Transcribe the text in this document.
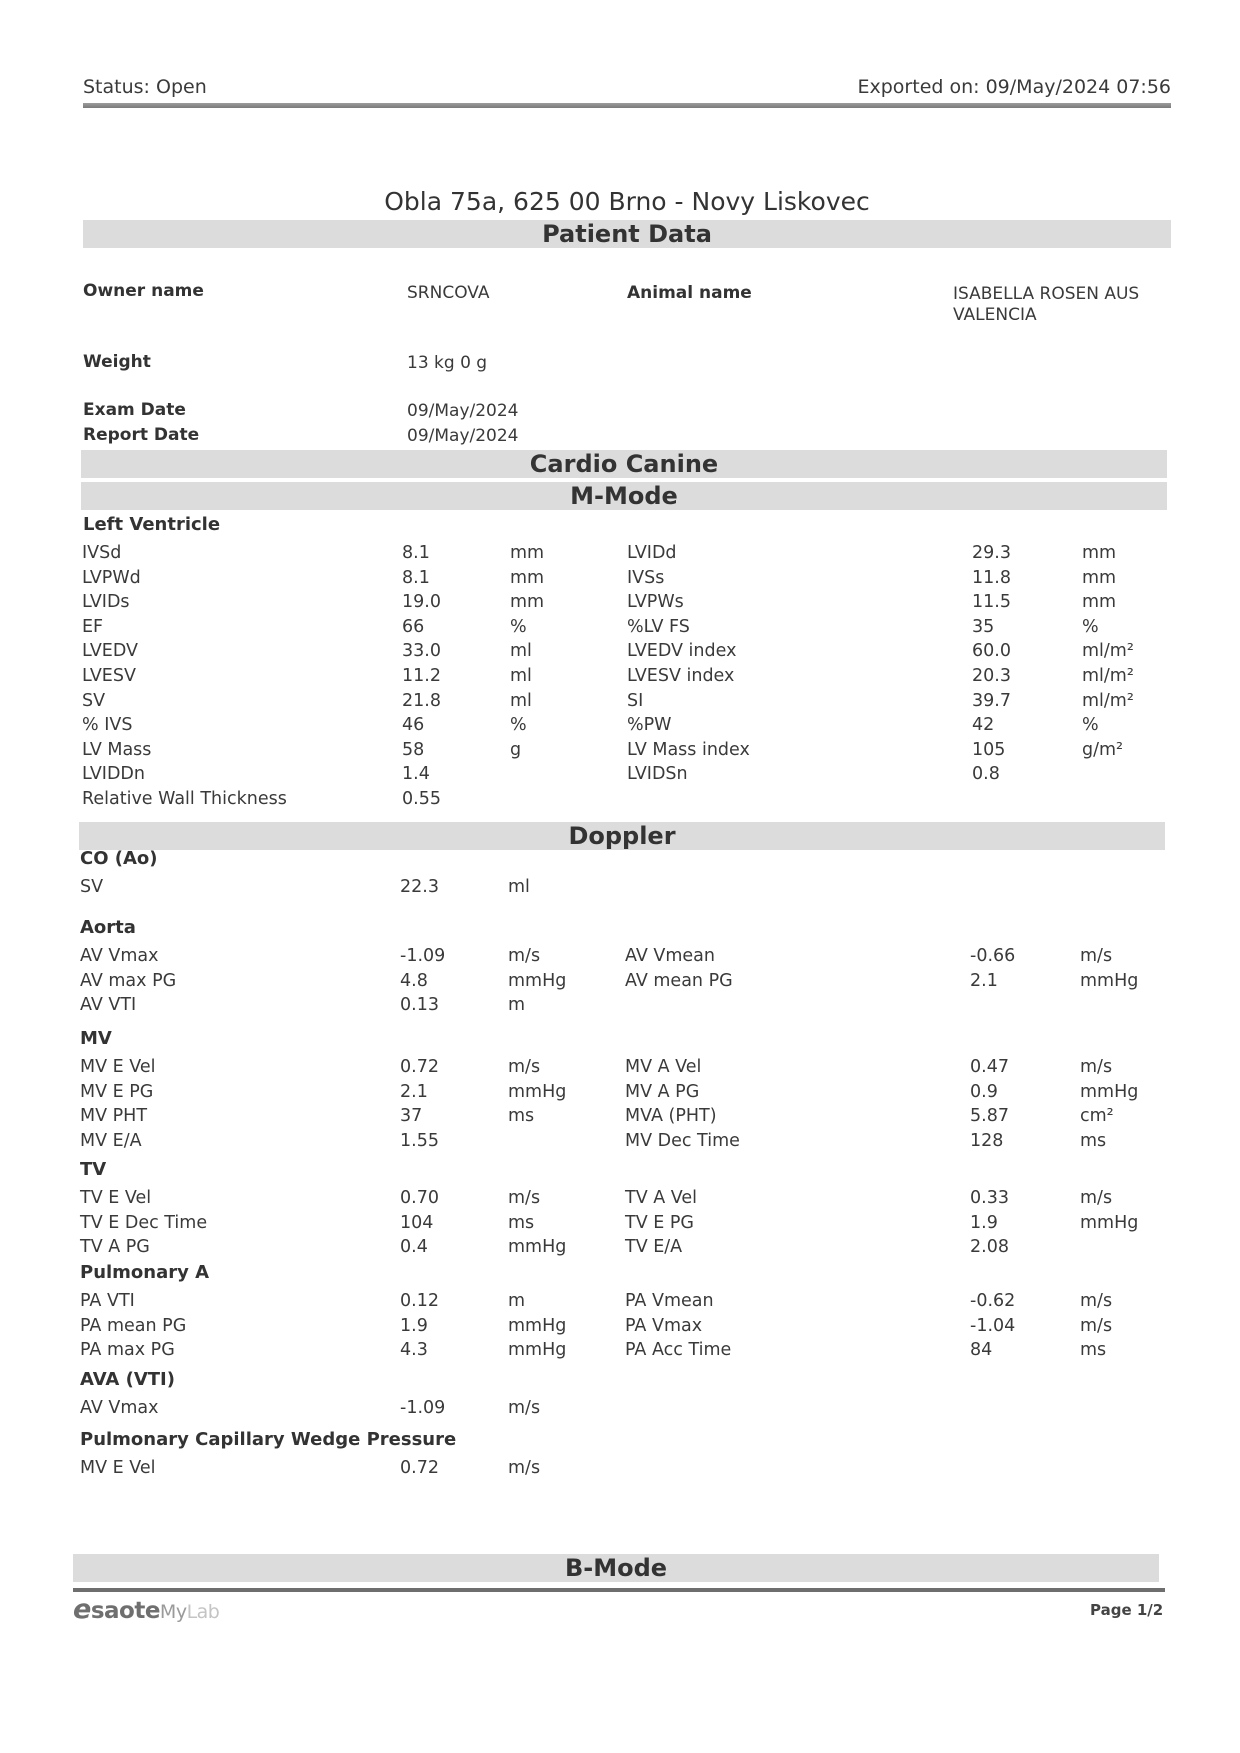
Status: Open	Exported on: 09/May/2024 07:56
Obla 75a, 625 00 Brno - Novy Liskovec
Patient Data
Owner name	SRNCOVA	Animal name	ISABELLA ROSEN AUS
VALENCIA
Weight	13 kg 0 g
Exam Date	09/May/2024
Report Date	09/May/2024
Cardio Canine
M-Mode
Left Ventricle
IVSd	8.1	mm	LVIDd	29.3	mm
LVPWd	8.1	mm	IVSs	11.8	mm
LVIDs	19.0	mm	LVPWs	11.5	mm
EF	66	%	%LV FS	35	%
LVEDV	33.0	ml	LVEDV index	60.0	ml/m²
LVESV	11.2	ml	LVESV index	20.3	ml/m²
SV	21.8	ml	SI	39.7	ml/m²
% IVS	46	%	%PW	42	%
LV Mass	58	g	LV Mass index	105	g/m²
LVIDDn	1.4	LVIDSn	0.8
Relative Wall Thickness	0.55
Doppler
CO (Ao)
SV	22.3	ml
Aorta
AV Vmax	-1.09	m/s	AV Vmean	-0.66	m/s
AV max PG	4.8	mmHg	AV mean PG	2.1	mmHg
AV VTI	0.13	m
MV
MV E Vel	0.72	m/s	MV A Vel	0.47	m/s
MV E PG	2.1	mmHg	MV A PG	0.9	mmHg
MV PHT	37	ms	MVA (PHT)	5.87	cm²
MV E/A	1.55	MV Dec Time	128	ms
TV
TV E Vel	0.70	m/s	TV A Vel	0.33	m/s
TV E Dec Time	104	ms	TV E PG	1.9	mmHg
TV A PG	0.4	mmHg	TV E/A	2.08
Pulmonary A
PA VTI	0.12	m	PA Vmean	-0.62	m/s
PA mean PG	1.9	mmHg	PA Vmax	-1.04	m/s
PA max PG	4.3	mmHg	PA Acc Time	84	ms
AVA (VTI)
AV Vmax	-1.09	m/s
Pulmonary Capillary Wedge Pressure
MV E Vel	0.72	m/s
B-Mode
esaoteMyLab	Page 1/2
